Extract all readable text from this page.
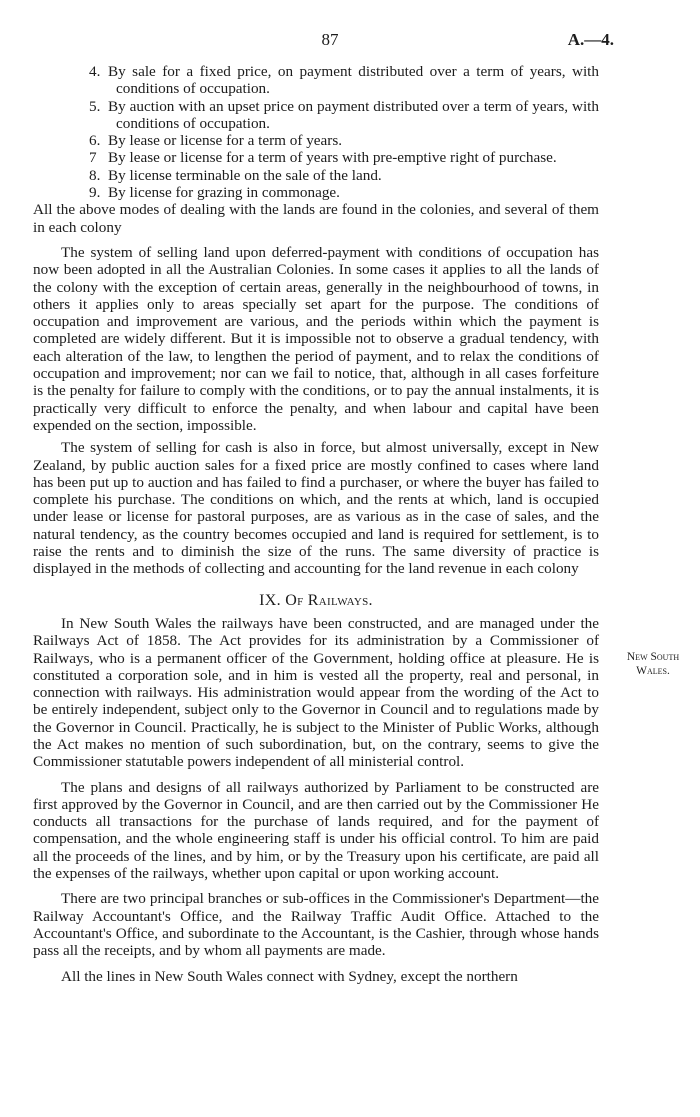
87	A.—4.
4. By sale for a fixed price, on payment distributed over a term of years, with conditions of occupation.
5. By auction with an upset price on payment distributed over a term of years, with conditions of occupation.
6. By lease or license for a term of years.
7 By lease or license for a term of years with pre-emptive right of purchase.
8. By license terminable on the sale of the land.
9. By license for grazing in commonage.

All the above modes of dealing with the lands are found in the colonies, and several of them in each colony

The system of selling land upon deferred-payment with conditions of occupation has now been adopted in all the Australian Colonies. In some cases it applies to all the lands of the colony with the exception of certain areas, generally in the neighbourhood of towns, in others it applies only to areas specially set apart for the purpose. The conditions of occupation and improvement are various, and the periods within which the payment is completed are widely different. But it is impossible not to observe a gradual tendency, with each alteration of the law, to lengthen the period of payment, and to relax the conditions of occupation and improvement; nor can we fail to notice, that, although in all cases forfeiture is the penalty for failure to comply with the conditions, or to pay the annual instalments, it is practically very difficult to enforce the penalty, and when labour and capital have been expended on the section, impossible.

The system of selling for cash is also in force, but almost universally, except in New Zealand, by public auction sales for a fixed price are mostly confined to cases where land has been put up to auction and has failed to find a purchaser, or where the buyer has failed to complete his purchase. The conditions on which, and the rents at which, land is occupied under lease or license for pastoral purposes, are as various as in the case of sales, and the natural tendency, as the country becomes occupied and land is required for settlement, is to raise the rents and to diminish the size of the runs. The same diversity of practice is displayed in the methods of collecting and accounting for the land revenue in each colony

IX. Of Railways.

In New South Wales the railways have been constructed, and are managed under the Railways Act of 1858. The Act provides for its administration by a Commissioner of Railways, who is a permanent officer of the Government, holding office at pleasure. He is constituted a corporation sole, and in him is vested all the property, real and personal, in connection with railways. His administration would appear from the wording of the Act to be entirely independent, subject only to the Governor in Council and to regulations made by the Governor in Council. Practically, he is subject to the Minister of Public Works, although the Act makes no mention of such subordination, but, on the contrary, seems to give the Commissioner statutable powers independent of all ministerial control.

The plans and designs of all railways authorized by Parliament to be constructed are first approved by the Governor in Council, and are then carried out by the Commissioner He conducts all transactions for the purchase of lands required, and for the payment of compensation, and the whole engineering staff is under his official control. To him are paid all the proceeds of the lines, and by him, or by the Treasury upon his certificate, are paid all the expenses of the railways, whether upon capital or upon working account.

There are two principal branches or sub-offices in the Commissioner's Department—the Railway Accountant's Office, and the Railway Traffic Audit Office. Attached to the Accountant's Office, and subordinate to the Accountant, is the Cashier, through whose hands pass all the receipts, and by whom all payments are made.

All the lines in New South Wales connect with Sydney, except the northern

New South
Wales.
